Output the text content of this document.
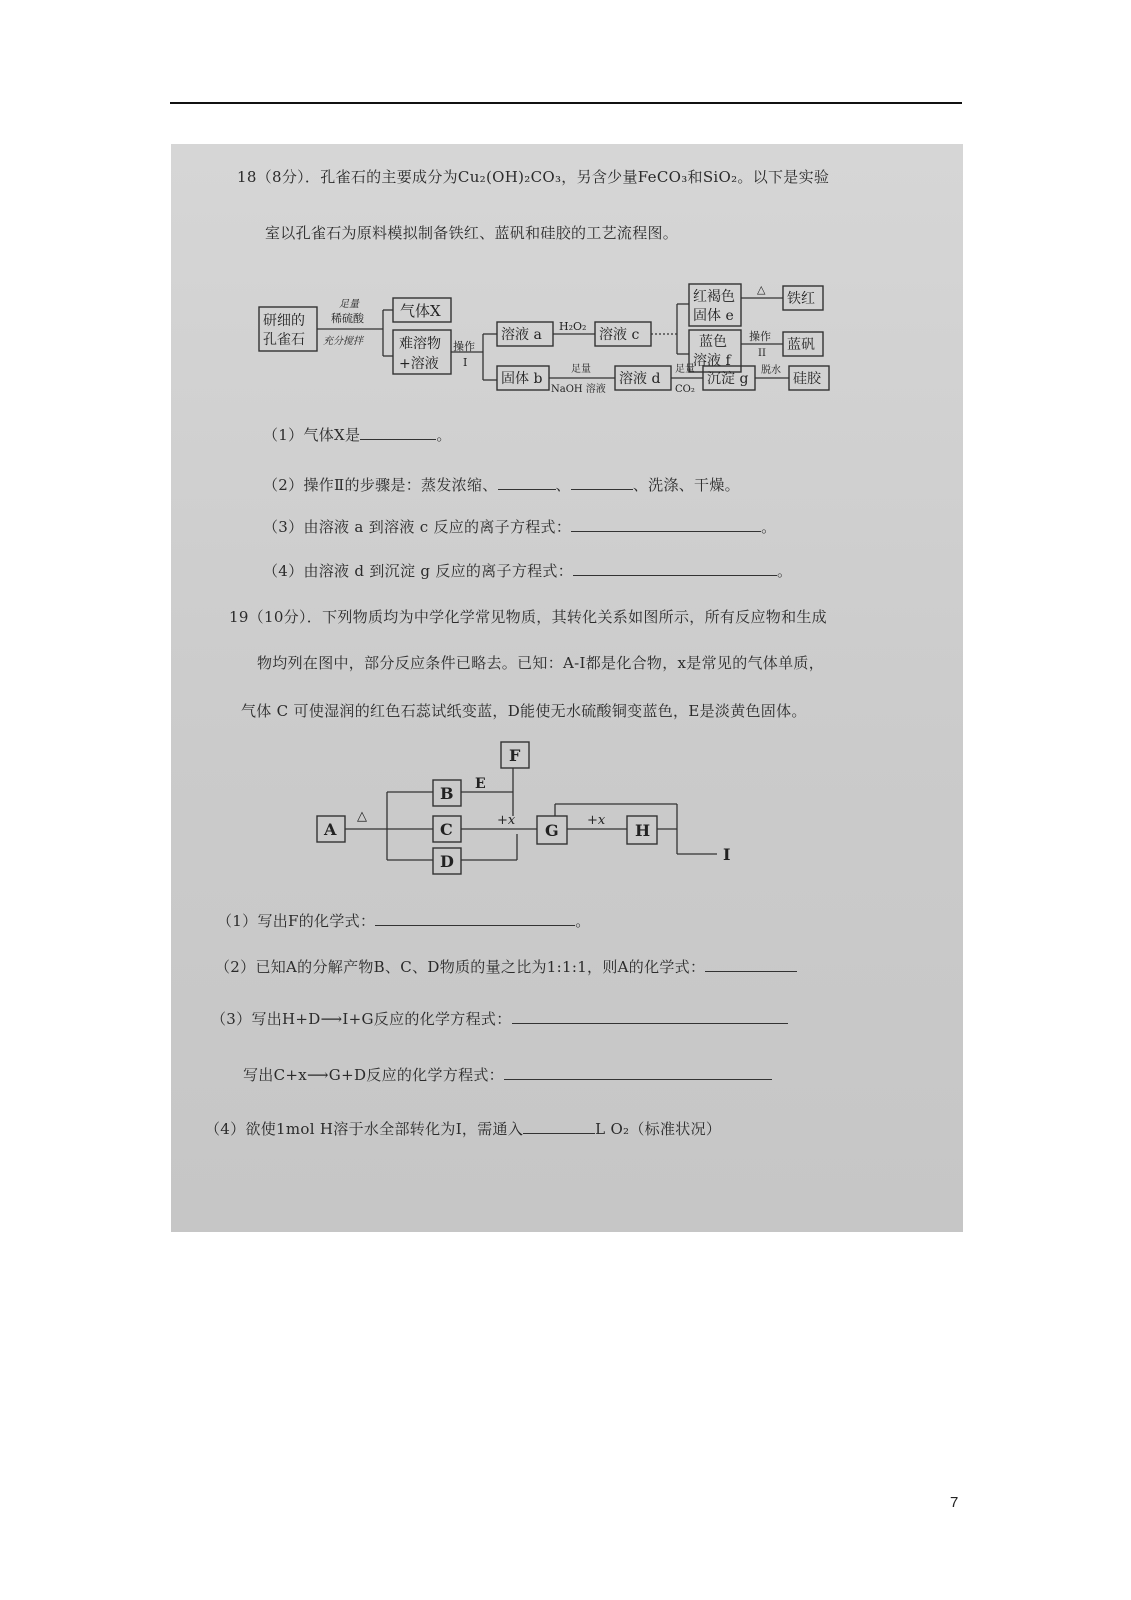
18（8分）．孔雀石的主要成分为Cu₂(OH)₂CO₃，另含少量FeCO₃和SiO₂。以下是实验
室以孔雀石为原料模拟制备铁红、蓝矾和硅胶的工艺流程图。
研细的
孔雀石
足量
稀硫酸
充分搅拌
气体X
难溶物
+溶液
操作
I
溶液 a
H₂O₂
溶液 c
红褐色
固体 e
△
铁红
蓝色
溶液 f
操作
II
蓝矾
固体 b
足量
NaOH 溶液
溶液 d
足量
CO₂
沉淀 g
脱水
硅胶
（1）气体X是	。
（2）操作Ⅱ的步骤是：蒸发浓缩、	、	、洗涤、干燥。
（3）由溶液 a 到溶液 c 反应的离子方程式：	。
（4）由溶液 d 到沉淀 g 反应的离子方程式：	。
19（10分）．下列物质均为中学化学常见物质，其转化关系如图所示，所有反应物和生成
物均列在图中，部分反应条件已略去。已知：A-I都是化合物，x是常见的气体单质，
气体 C 可使湿润的红色石蕊试纸变蓝，D能使无水硫酸铜变蓝色，E是淡黄色固体。
F
A
△
B E
C	+x
D
G
+x
H
I
（1）写出F的化学式：	。
（2）已知A的分解产物B、C、D物质的量之比为1:1:1，则A的化学式：
（3）写出H+D⟶I+G反应的化学方程式：
写出C+x⟶G+D反应的化学方程式：
（4）欲使1mol H溶于水全部转化为I，需通入	L O₂（标准状况）
7
